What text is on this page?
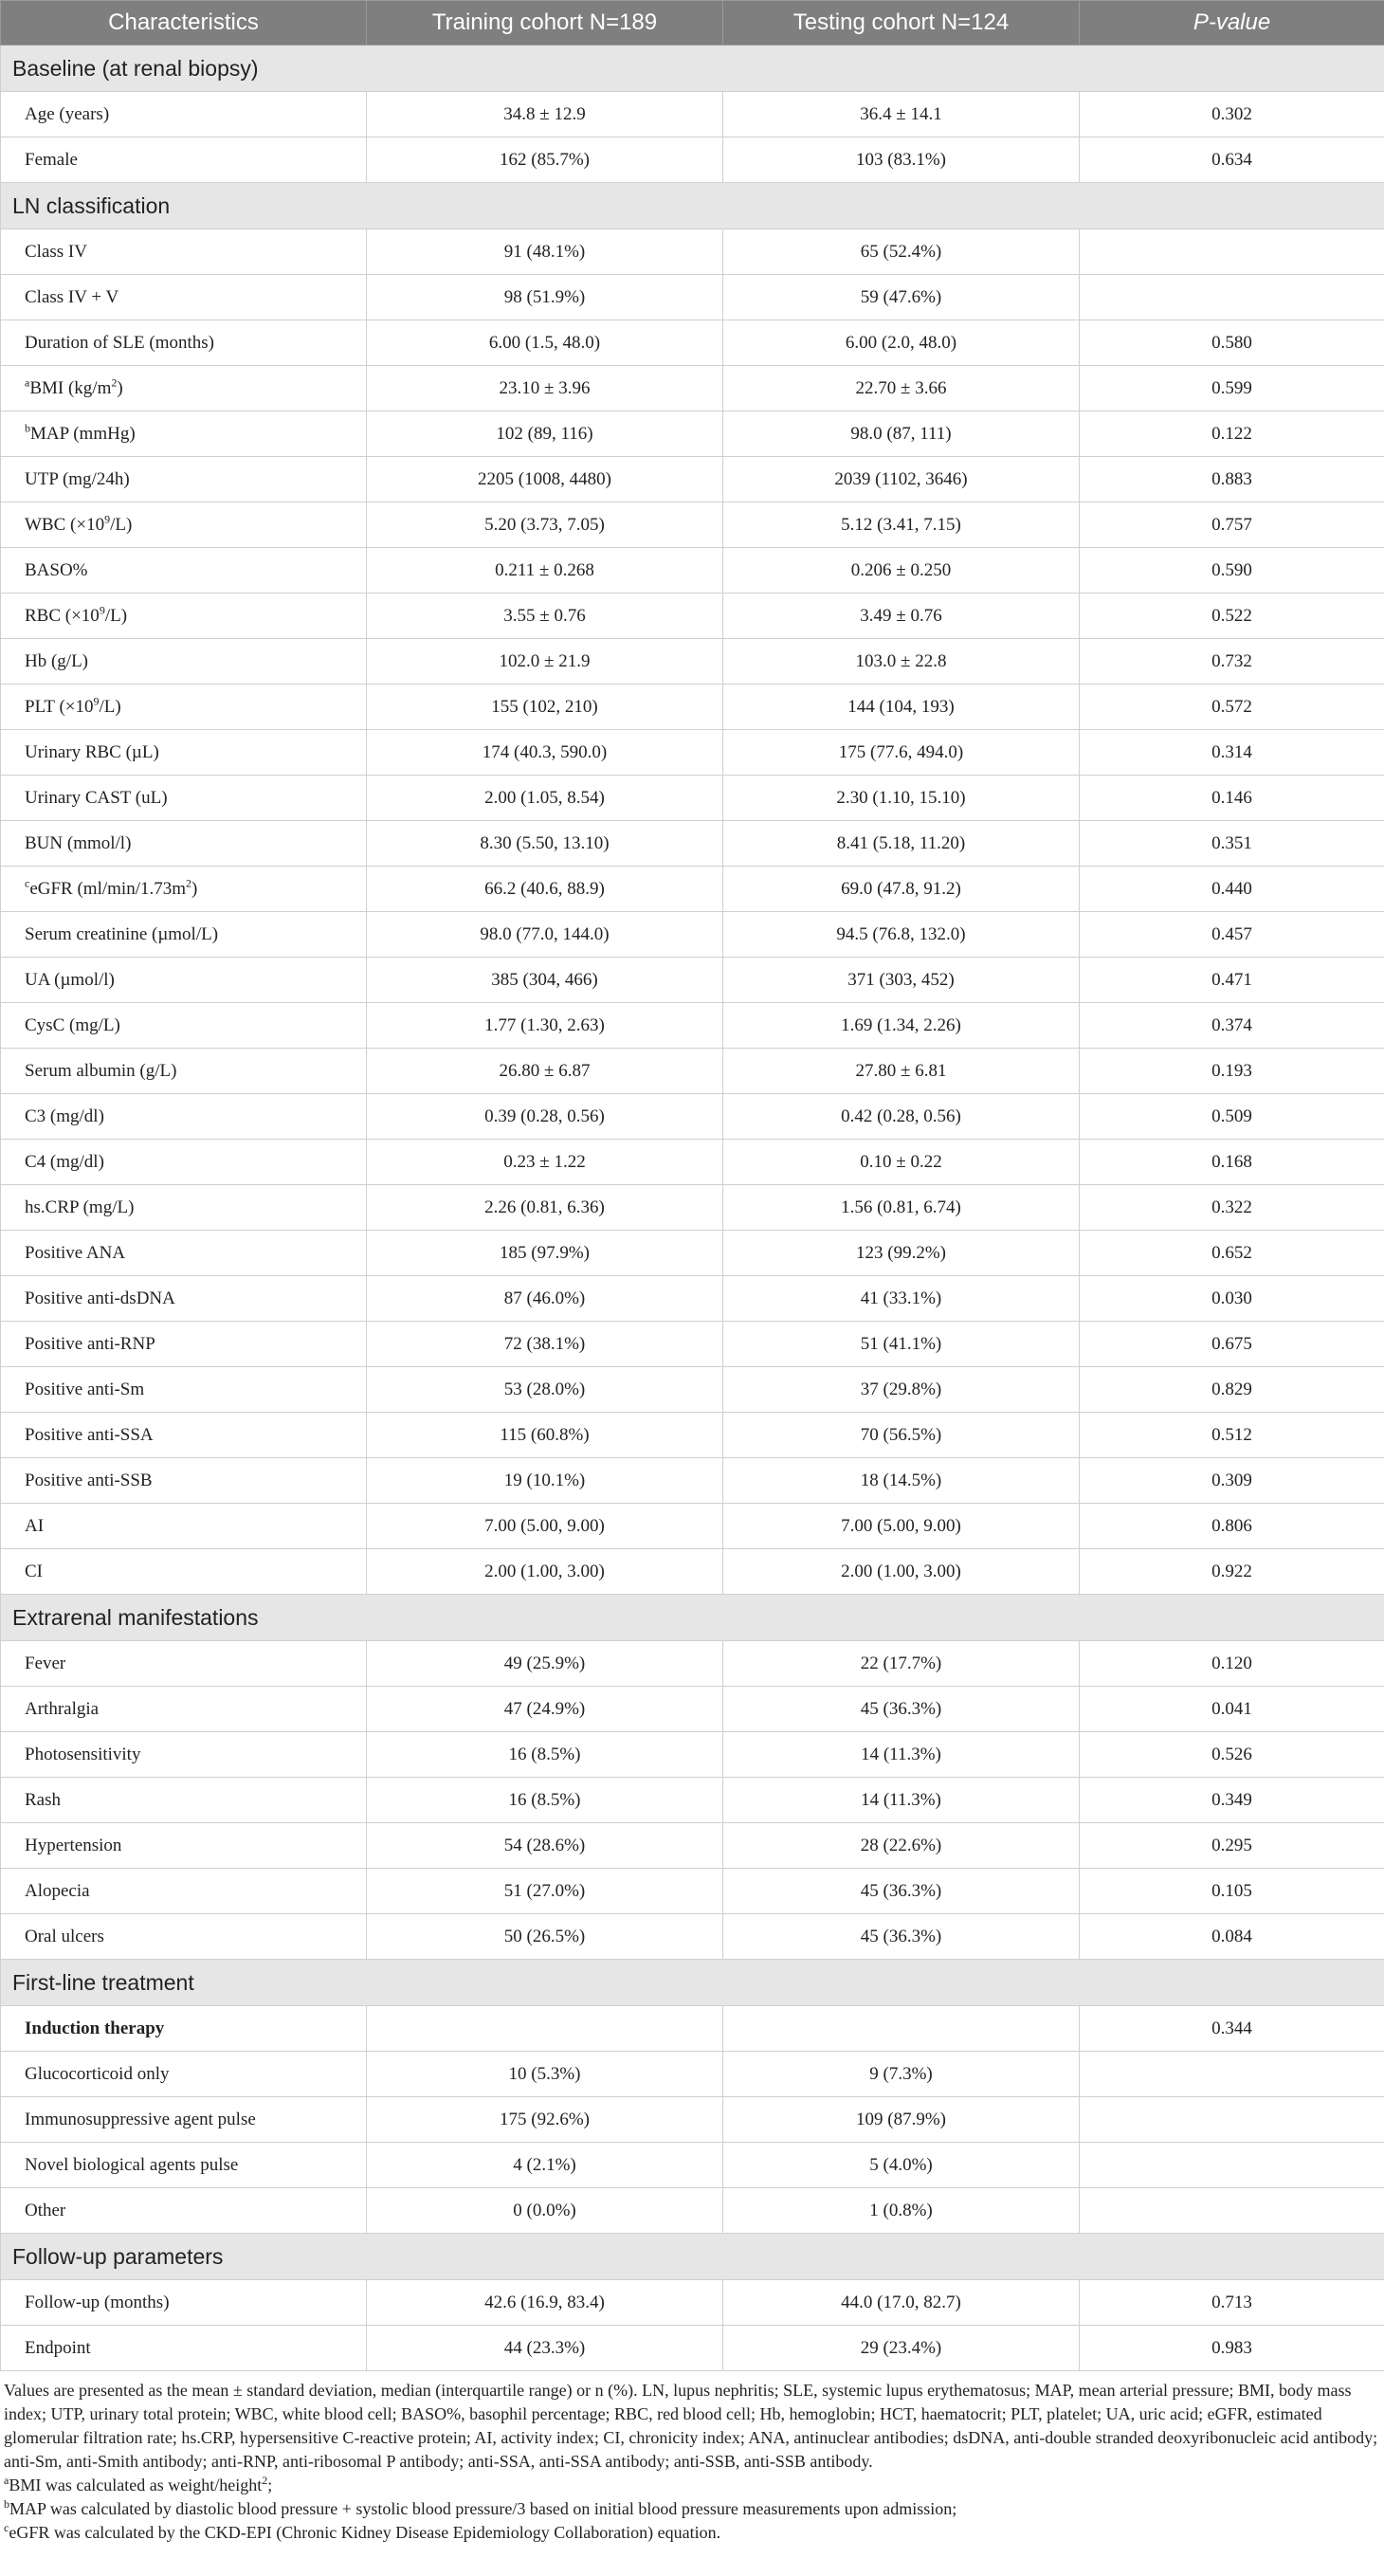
Characteristics	Training cohort N=189	Testing cohort N=124	P-value
Baseline (at renal biopsy)			
Age (years)	34.8 ± 12.9	36.4 ± 14.1	0.302
Female	162 (85.7%)	103 (83.1%)	0.634
LN classification			
Class IV	91 (48.1%)	65 (52.4%)	
Class IV + V	98 (51.9%)	59 (47.6%)	
Duration of SLE (months)	6.00 (1.5, 48.0)	6.00 (2.0, 48.0)	0.580
$^a$BMI $(kg/m^2)$	23.10 ± 3.96	22.70 ± 3.66	0.599
$^b$MAP (mmHg)	102 (89, 116)	98.0 (87, 111)	0.122
UTP (mg/24h)	2205 (1008, 4480)	2039 (1102, 3646)	0.883
WBC $(\times 10^9/L)$	5.20 (3.73, 7.05)	5.12 (3.41, 7.15)	0.757
BASO%	0.211 ± 0.268	0.206 ± 0.250	0.590
RBC $(\times 10^9/L)$	3.55 ± 0.76	3.49 ± 0.76	0.522
Hb (g/L)	102.0 ± 21.9	103.0 ± 22.8	0.732
PLT $(\times 10^9/L)$	155 (102, 210)	144 (104, 193)	0.572
Urinary RBC (µL)	174 (40.3, 590.0)	175 (77.6, 494.0)	0.314
Urinary CAST (uL)	2.00 (1.05, 8.54)	2.30 (1.10, 15.10)	0.146
BUN (mmol/l)	8.30 (5.50, 13.10)	8.41 (5.18, 11.20)	0.351
$^c$eGFR $(ml/\min/1.73m^2)$	66.2 (40.6, 88.9)	69.0 (47.8, 91.2)	0.440
Serum creatinine (µmol/L)	98.0 (77.0, 144.0)	94.5 (76.8, 132.0)	0.457
UA (µmol/l)	385 (304, 466)	371 (303, 452)	0.471
CysC (mg/L)	1.77 (1.30, 2.63)	1.69 (1.34, 2.26)	0.374
Serum albumin (g/L)	26.80 ± 6.87	27.80 ± 6.81	0.193
C3 (mg/dl)	0.39 (0.28, 0.56)	0.42 (0.28, 0.56)	0.509
C4 (mg/dl)	0.23 ± 1.22	0.10 ± 0.22	0.168
hs.CRP (mg/L)	2.26 (0.81, 6.36)	1.56 (0.81, 6.74)	0.322
Positive ANA	185 (97.9%)	123 (99.2%)	0.652
Positive anti-dsDNA	87 (46.0%)	41 (33.1%)	0.030
Positive anti-RNP	72 (38.1%)	51 (41.1%)	0.675
Positive anti-Sm	53 (28.0%)	37 (29.8%)	0.829
Positive anti-SSA	115 (60.8%)	70 (56.5%)	0.512
Positive anti-SSB	19 (10.1%)	18 (14.5%)	0.309
AI	7.00 (5.00, 9.00)	7.00 (5.00, 9.00)	0.806
CI	2.00 (1.00, 3.00)	2.00 (1.00, 3.00)	0.922
Extrarenal manifestations			
Fever	49 (25.9%)	22 (17.7%)	0.120
Arthralgia	47 (24.9%)	45 (36.3%)	0.041
Photosensitivity	16 (8.5%)	14 (11.3%)	0.526
Rash	16 (8.5%)	14 (11.3%)	0.349
Hypertension	54 (28.6%)	28 (22.6%)	0.295
Alopecia	51 (27.0%)	45 (36.3%)	0.105
Oral ulcers	50 (26.5%)	45 (36.3%)	0.084
First-line treatment			
Induction therapy			0.344
Glucocorticoid only	10 (5.3%)	9 (7.3%)	
Immunosuppressive agent pulse	175 (92.6%)	109 (87.9%)	
Novel biological agents pulse	4 (2.1%)	5 (4.0%)	
Other	0 (0.0%)	1 (0.8%)	
Follow-up parameters			
Follow-up (months)	42.6 (16.9, 83.4)	44.0 (17.0, 82.7)	0.713
Endpoint	44 (23.3%)	29 (23.4%)	0.983

Values are presented as the mean ± standard deviation, median (interquartile range) or n (%). LN, lupus nephritis; SLE, systemic lupus erythematosus; MAP, mean arterial pressure; BMI, body mass index; UTP, urinary total protein; WBC, white blood cell; BASO%, basophil percentage; RBC, red blood cell; Hb, hemoglobin; HCT, haematocrit; PLT, platelet; UA, uric acid; eGFR, estimated glomerular filtration rate; hs.CRP, hypersensitive C-reactive protein; AI, activity index; CI, chronicity index; ANA, antinuclear antibodies; dsDNA, anti-double stranded deoxyribonucleic acid antibody; anti-Sm, anti-Smith antibody; anti-RNP, anti-ribosomal P antibody; anti-SSA, anti-SSA antibody; anti-SSB, anti-SSB antibody.

$^a$BMI was calculated as weight/height$^2$;

$^b$MAP was calculated by diastolic blood pressure + systolic blood pressure/3 based on initial blood pressure measurements upon admission;

$^c$eGFR was calculated by the CKD-EPI (Chronic Kidney Disease Epidemiology Collaboration) equation.
